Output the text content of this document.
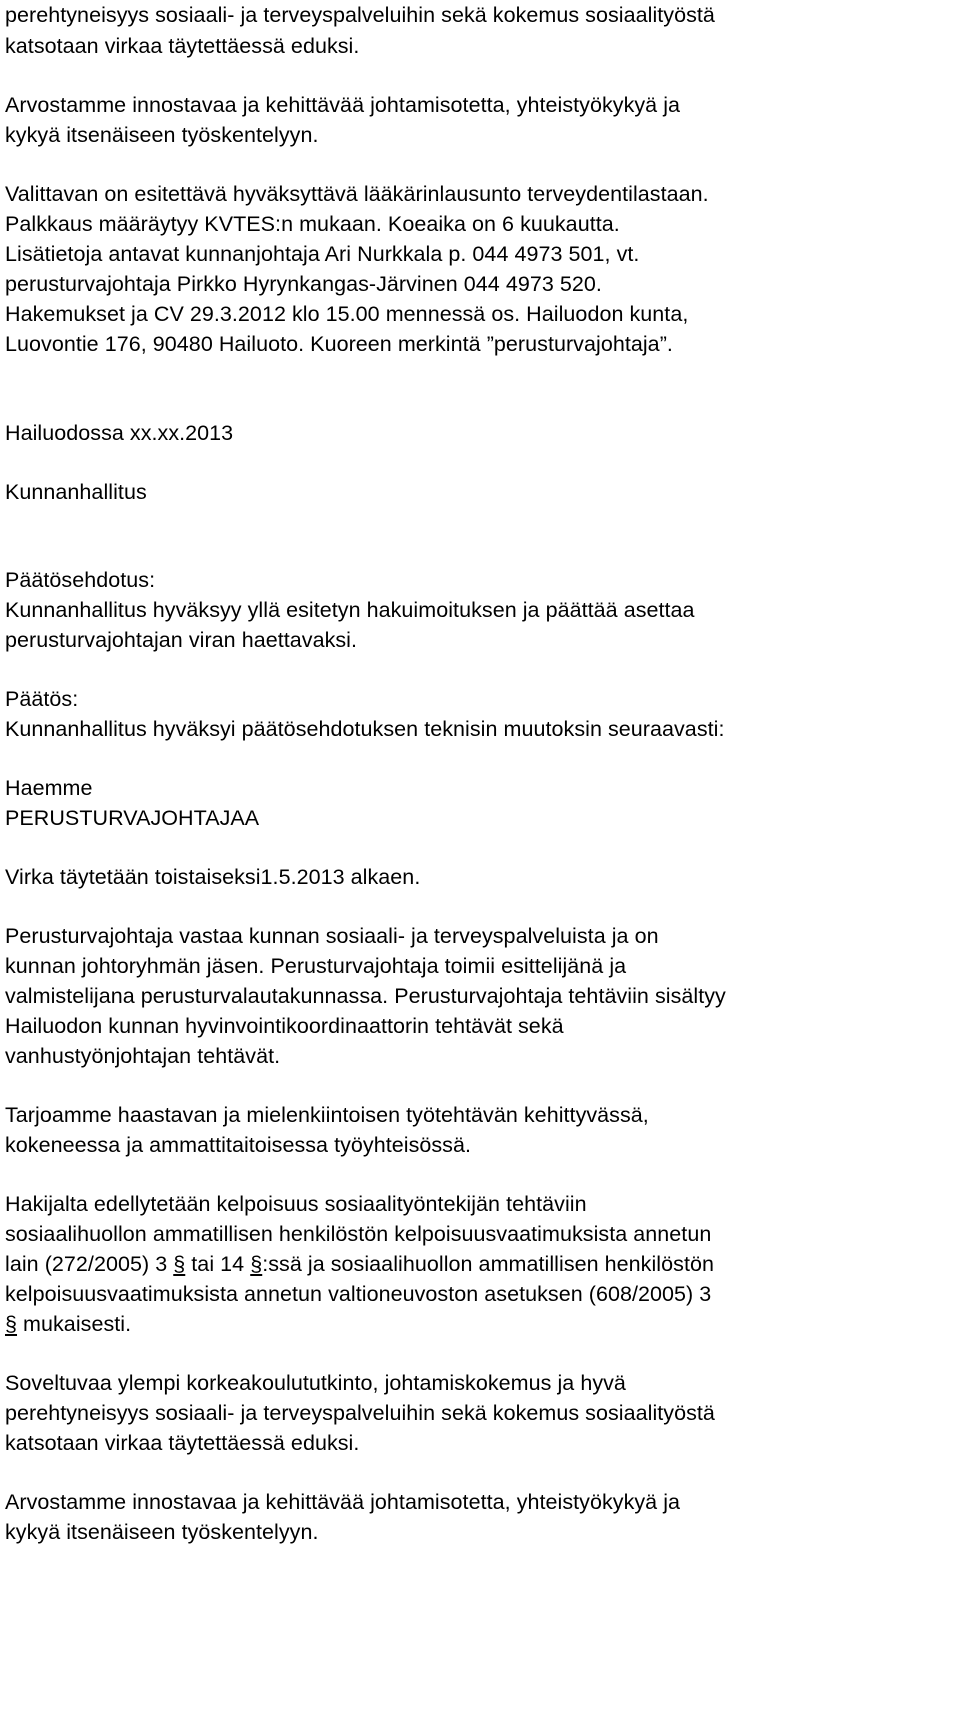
perehtyneisyys sosiaali- ja terveyspalveluihin sekä kokemus sosiaalityöstä
katsotaan virkaa täytettäessä eduksi.
Arvostamme innostavaa ja kehittävää johtamisotetta, yhteistyökykyä ja
kykyä itsenäiseen työskentelyyn.
Valittavan on esitettävä hyväksyttävä lääkärinlausunto terveydentilastaan.
Palkkaus määräytyy KVTES:n mukaan. Koeaika on 6 kuukautta.
Lisätietoja antavat kunnanjohtaja Ari Nurkkala p. 044 4973 501, vt.
perusturvajohtaja Pirkko Hyrynkangas-Järvinen 044 4973 520.
Hakemukset ja CV 29.3.2012 klo 15.00 mennessä os. Hailuodon kunta,
Luovontie 176, 90480 Hailuoto. Kuoreen merkintä ”perusturvajohtaja”.
Hailuodossa xx.xx.2013
Kunnanhallitus
Päätösehdotus:
Kunnanhallitus hyväksyy yllä esitetyn hakuimoituksen ja päättää asettaa
perusturvajohtajan viran haettavaksi.
Päätös:
Kunnanhallitus hyväksyi päätösehdotuksen teknisin muutoksin seuraavasti:
Haemme
PERUSTURVAJOHTAJAA
Virka täytetään toistaiseksi1.5.2013 alkaen.
Perusturvajohtaja vastaa kunnan sosiaali- ja terveyspalveluista ja on
kunnan johtoryhmän jäsen. Perusturvajohtaja toimii esittelijänä ja
valmistelijana perusturvalautakunnassa. Perusturvajohtaja tehtäviin sisältyy
Hailuodon kunnan hyvinvointikoordinaattorin tehtävät sekä
vanhustyönjohtajan tehtävät.
Tarjoamme haastavan ja mielenkiintoisen työtehtävän kehittyvässä,
kokeneessa ja ammattitaitoisessa työyhteisössä.
Hakijalta edellytetään kelpoisuus sosiaalityöntekijän tehtäviin
sosiaalihuollon ammatillisen henkilöstön kelpoisuusvaatimuksista annetun
lain (272/2005) 3 § tai 14 §:ssä ja sosiaalihuollon ammatillisen henkilöstön
kelpoisuusvaatimuksista annetun valtioneuvoston asetuksen (608/2005) 3
§ mukaisesti.
Soveltuvaa ylempi korkeakoulututkinto, johtamiskokemus ja hyvä
perehtyneisyys sosiaali- ja terveyspalveluihin sekä kokemus sosiaalityöstä
katsotaan virkaa täytettäessä eduksi.
Arvostamme innostavaa ja kehittävää johtamisotetta, yhteistyökykyä ja
kykyä itsenäiseen työskentelyyn.
